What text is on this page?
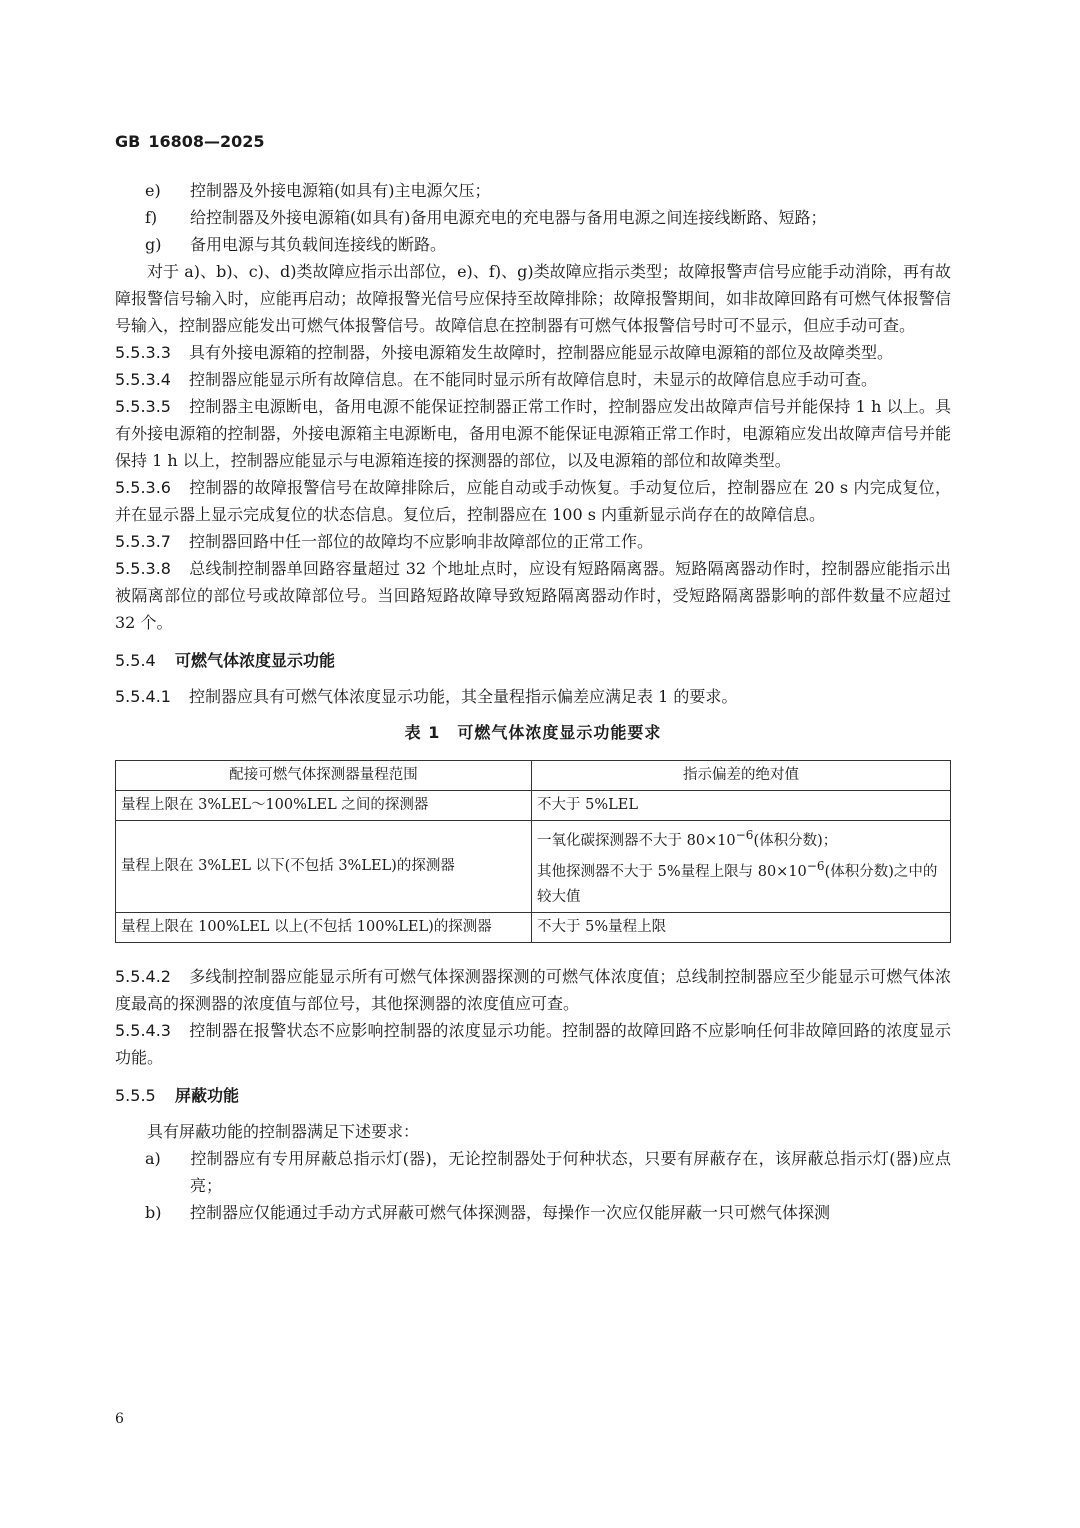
GB 16808—2025
e) 控制器及外接电源箱(如具有)主电源欠压；
f) 给控制器及外接电源箱(如具有)备用电源充电的充电器与备用电源之间连接线断路、短路；
g) 备用电源与其负载间连接线的断路。
对于 a)、b)、c)、d)类故障应指示出部位，e)、f)、g)类故障应指示类型；故障报警声信号应能手动消除，再有故障报警信号输入时，应能再启动；故障报警光信号应保持至故障排除；故障报警期间，如非故障回路有可燃气体报警信号输入，控制器应能发出可燃气体报警信号。故障信息在控制器有可燃气体报警信号时可不显示，但应手动可查。
5.5.3.3 具有外接电源箱的控制器，外接电源箱发生故障时，控制器应能显示故障电源箱的部位及故障类型。
5.5.3.4 控制器应能显示所有故障信息。在不能同时显示所有故障信息时，未显示的故障信息应手动可查。
5.5.3.5 控制器主电源断电，备用电源不能保证控制器正常工作时，控制器应发出故障声信号并能保持 1 h 以上。具有外接电源箱的控制器，外接电源箱主电源断电，备用电源不能保证电源箱正常工作时，电源箱应发出故障声信号并能保持 1 h 以上，控制器应能显示与电源箱连接的探测器的部位，以及电源箱的部位和故障类型。
5.5.3.6 控制器的故障报警信号在故障排除后，应能自动或手动恢复。手动复位后，控制器应在 20 s 内完成复位，并在显示器上显示完成复位的状态信息。复位后，控制器应在 100 s 内重新显示尚存在的故障信息。
5.5.3.7 控制器回路中任一部位的故障均不应影响非故障部位的正常工作。
5.5.3.8 总线制控制器单回路容量超过 32 个地址点时，应设有短路隔离器。短路隔离器动作时，控制器应能指示出被隔离部位的部位号或故障部位号。当回路短路故障导致短路隔离器动作时，受短路隔离器影响的部件数量不应超过 32 个。
5.5.4 可燃气体浓度显示功能
5.5.4.1 控制器应具有可燃气体浓度显示功能，其全量程指示偏差应满足表 1 的要求。
表 1　可燃气体浓度显示功能要求
配接可燃气体探测器量程范围	指示偏差的绝对值
量程上限在 3%LEL～100%LEL 之间的探测器	不大于 5%LEL
量程上限在 3%LEL 以下(不包括 3%LEL)的探测器	一氧化碳探测器不大于 $80\times 10^{-6}$(体积分数)；
其他探测器不大于 5%量程上限与 $80\times 10^{-6}$(体积分数)之中的较大值

量程上限在 100%LEL 以上(不包括 100%LEL)的探测器	不大于 5%量程上限
5.5.4.2 多线制控制器应能显示所有可燃气体探测器探测的可燃气体浓度值；总线制控制器应至少能显示可燃气体浓度最高的探测器的浓度值与部位号，其他探测器的浓度值应可查。
5.5.4.3 控制器在报警状态不应影响控制器的浓度显示功能。控制器的故障回路不应影响任何非故障回路的浓度显示功能。
5.5.5 屏蔽功能
具有屏蔽功能的控制器满足下述要求：
a) 控制器应有专用屏蔽总指示灯(器)，无论控制器处于何种状态，只要有屏蔽存在，该屏蔽总指示灯(器)应点亮；
b) 控制器应仅能通过手动方式屏蔽可燃气体探测器，每操作一次应仅能屏蔽一只可燃气体探测
6
